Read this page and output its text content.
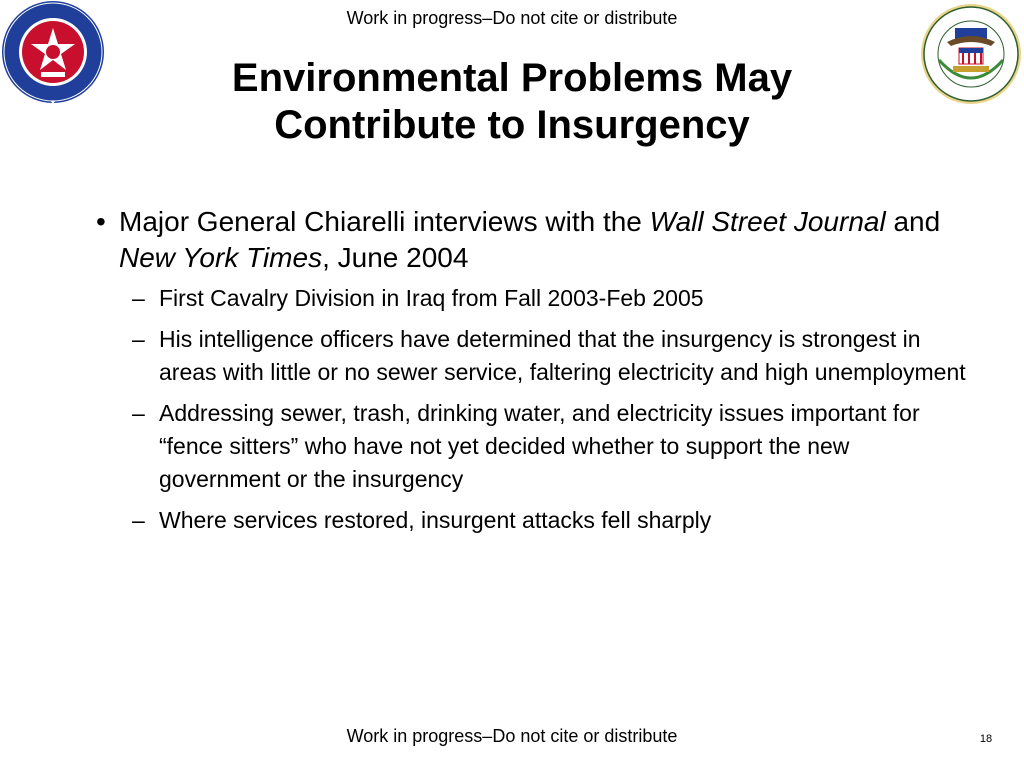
Work in progress–Do not cite or distribute
★
Environmental Problems May
Contribute to Insurgency
• Major General Chiarelli interviews with the Wall Street Journal and New York Times, June 2004
– First Cavalry Division in Iraq from Fall 2003-Feb 2005
– His intelligence officers have determined that the insurgency is strongest in areas with little or no sewer service, faltering electricity and high unemployment
– Addressing sewer, trash, drinking water, and electricity issues important for “fence sitters” who have not yet decided whether to support the new government or the insurgency
– Where services restored, insurgent attacks fell sharply
Work in progress–Do not cite or distribute	18
